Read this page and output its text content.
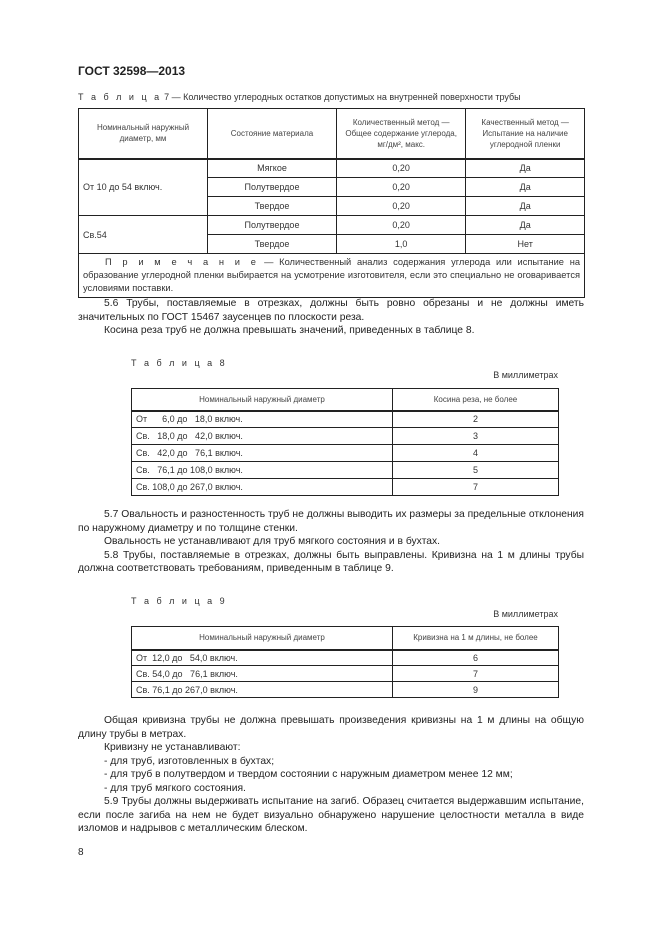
ГОСТ 32598—2013
Т а б л и ц а 7 — Количество углеродных остатков допустимых на внутренней поверхности трубы
Номинальный наружный диаметр, мм	Состояние материала	Количественный метод — Общее содержание углерода, мг/дм², макс.	Качественный метод — Испытание на наличие углеродной пленки
От 10 до 54 включ.	Мягкое	0,20	Да
	Полутвердое	0,20	Да
	Твердое	0,20	Да
Св.54	Полутвердое	0,20	Да
	Твердое	1,0	Нет
П р и м е ч а н и е — Количественный анализ содержания углерода или испытание на образование углеродной пленки выбирается на усмотрение изготовителя, если это специально не оговаривается условиями поставки.			
5.6 Трубы, поставляемые в отрезках, должны быть ровно обрезаны и не должны иметь значительных по ГОСТ 15467 заусенцев по плоскости реза.
Косина реза труб не должна превышать значений, приведенных в таблице 8.
Т а б л и ц а 8
В миллиметрах
Номинальный наружный диаметр	Косина реза, не более
От      6,0 до   18,0 включ.	2
Св.   18,0 до   42,0 включ.	3
Св.   42,0 до   76,1 включ.	4
Св.   76,1 до 108,0 включ.	5
Св. 108,0 до 267,0 включ.	7
5.7 Овальность и разностенность труб не должны выводить их размеры за предельные отклонения по наружному диаметру и по толщине стенки.
Овальность не устанавливают для труб мягкого состояния и в бухтах.
5.8 Трубы, поставляемые в отрезках, должны быть выправлены. Кривизна на 1 м длины трубы должна соответствовать требованиям, приведенным в таблице 9.
Т а б л и ц а 9
В миллиметрах
Номинальный наружный диаметр	Кривизна на 1 м длины, не более
От  12,0 до   54,0 включ.	6
Св. 54,0 до   76,1 включ.	7
Св. 76,1 до 267,0 включ.	9
Общая кривизна трубы не должна превышать произведения кривизны на 1 м длины на общую длину трубы в метрах.
Кривизну не устанавливают:
- для труб, изготовленных в бухтах;
- для труб в полутвердом и твердом состоянии с наружным диаметром менее 12 мм;
- для труб мягкого состояния.
5.9 Трубы должны выдерживать испытание на загиб. Образец считается выдержавшим испытание, если после загиба на нем не будет визуально обнаружено нарушение целостности металла в виде изломов и надрывов с металлическим блеском.
8
